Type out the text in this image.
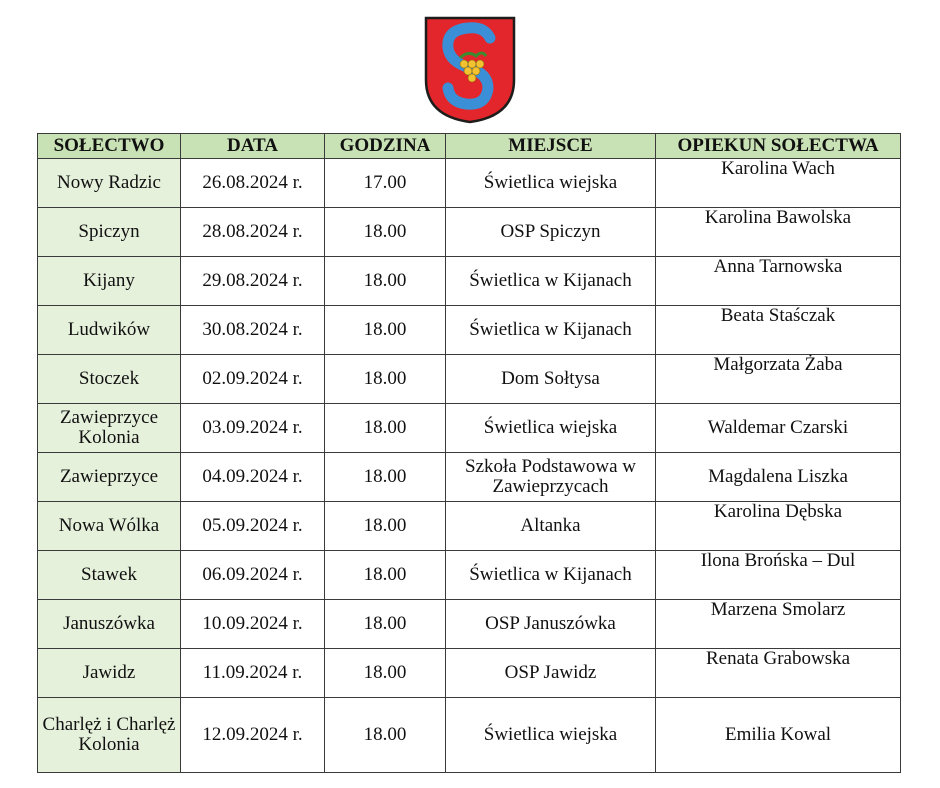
SOŁECTWO	DATA	GODZINA	MIEJSCE	OPIEKUN SOŁECTWA
Nowy Radzic	26.08.2024 r.	17.00	Świetlica wiejska	Karolina Wach
Spiczyn	28.08.2024 r.	18.00	OSP Spiczyn	Karolina Bawolska
Kijany	29.08.2024 r.	18.00	Świetlica w Kijanach	Anna Tarnowska
Ludwików	30.08.2024 r.	18.00	Świetlica w Kijanach	Beata Staśczak
Stoczek	02.09.2024 r.	18.00	Dom Sołtysa	Małgorzata Żaba
Zawieprzyce Kolonia	03.09.2024 r.	18.00	Świetlica wiejska	Waldemar Czarski
Zawieprzyce	04.09.2024 r.	18.00	Szkoła Podstawowa w Zawieprzycach	Magdalena Liszka
Nowa Wólka	05.09.2024 r.	18.00	Altanka	Karolina Dębska
Stawek	06.09.2024 r.	18.00	Świetlica w Kijanach	Ilona Brońska – Dul
Januszówka	10.09.2024 r.	18.00	OSP Januszówka	Marzena Smolarz
Jawidz	11.09.2024 r.	18.00	OSP Jawidz	Renata Grabowska
Charlęż i Charlęż Kolonia	12.09.2024 r.	18.00	Świetlica wiejska	Emilia Kowal
